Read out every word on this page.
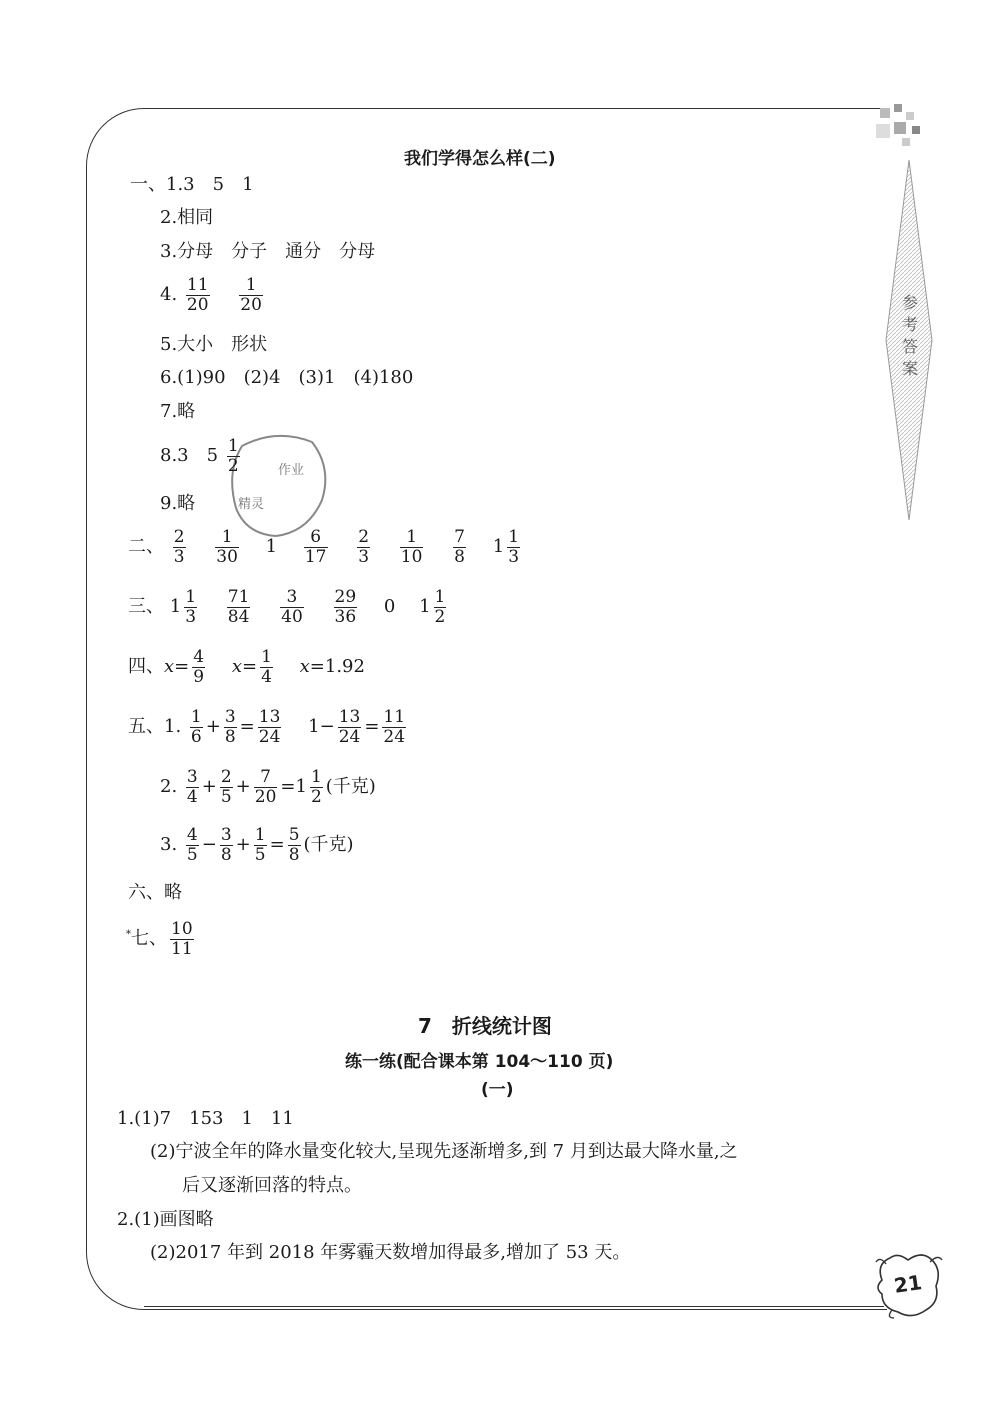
参考答案
作业
精灵
我们学得怎么样(二)
一、1.3　5　1
2.相同
3.分母　分子　通分　分母
4. $\frac{11}{20}$
$\frac{1}{20}$
5.大小　形状
6.(1)90　(2)4　(3)1　(4)180
7.略
8.3　$5 \frac{1}{2}$
9.略
二、 $\frac{2}{3}$
$\frac{1}{30} 1 \frac{6}{17}$
$\frac{2}{3}$
$\frac{1}{10}$
$\frac{7}{8} 1 \frac{1}{3}$
三、 $1 \frac{1}{3}$
$\frac{71}{84}$
$\frac{3}{40}$
$\frac{29}{36} 0$ $1 \frac{1}{2}$
四、$x= \frac{4}{9} x= \frac{1}{4} x=1.92$
五、1. $\frac{1}{6} + \frac{3}{8} = \frac{13}{24} 1- \frac{13}{24} = \frac{11}{24}$
2. $\frac{3}{4} + \frac{2}{5} + \frac{7}{20} =1 \frac{1}{2}$ (千克)
3. $\frac{4}{5} - \frac{3}{8} + \frac{1}{5} = \frac{5}{8}$ (千克)
六、略
*七、 $\frac{10}{11}$
7　折线统计图
练一练(配合课本第 104～110 页)
(一)
1.(1)7　153　1　11
(2)宁波全年的降水量变化较大,呈现先逐渐增多,到 7 月到达最大降水量,之
后又逐渐回落的特点。
2.(1)画图略
(2)2017 年到 2018 年雾霾天数增加得最多,增加了 53 天。
21
